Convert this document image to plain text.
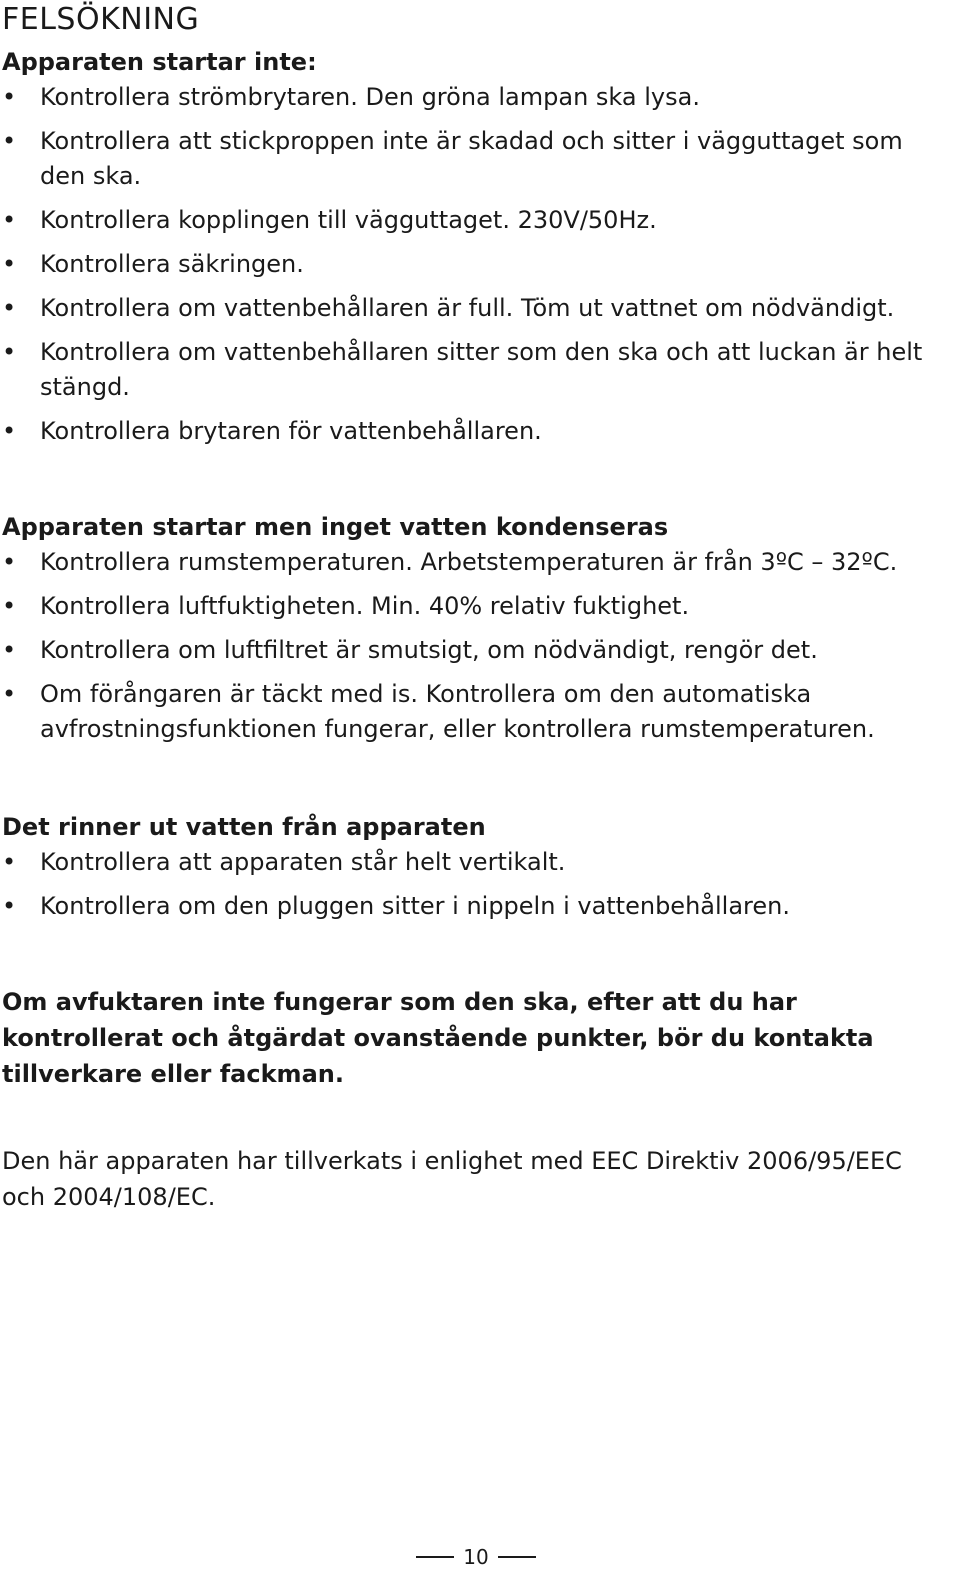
FELSÖKNING
Apparaten startar inte:
• Kontrollera strömbrytaren. Den gröna lampan ska lysa.
• Kontrollera att stickproppen inte är skadad och sitter i vägguttaget som den ska.
• Kontrollera kopplingen till vägguttaget. 230V/50Hz.
• Kontrollera säkringen.
• Kontrollera om vattenbehållaren är full. Töm ut vattnet om nödvändigt.
• Kontrollera om vattenbehållaren sitter som den ska och att luckan är helt stängd.
• Kontrollera brytaren för vattenbehållaren.
Apparaten startar men inget vatten kondenseras
• Kontrollera rumstemperaturen. Arbetstemperaturen är från 3ºC – 32ºC.
• Kontrollera luftfuktigheten. Min. 40% relativ fuktighet.
• Kontrollera om luftfiltret är smutsigt, om nödvändigt, rengör det.
• Om förångaren är täckt med is. Kontrollera om den automatiska avfrostningsfunktionen fungerar, eller kontrollera rumstemperaturen.
Det rinner ut vatten från apparaten
• Kontrollera att apparaten står helt vertikalt.
• Kontrollera om den pluggen sitter i nippeln i vattenbehållaren.

Om avfuktaren inte fungerar som den ska, efter att du har kontrollerat och åtgärdat ovanstående punkter, bör du kontakta tillverkare eller fackman.

Den här apparaten har tillverkats i enlighet med EEC Direktiv 2006/95/EEC och 2004/108/EC.

10
